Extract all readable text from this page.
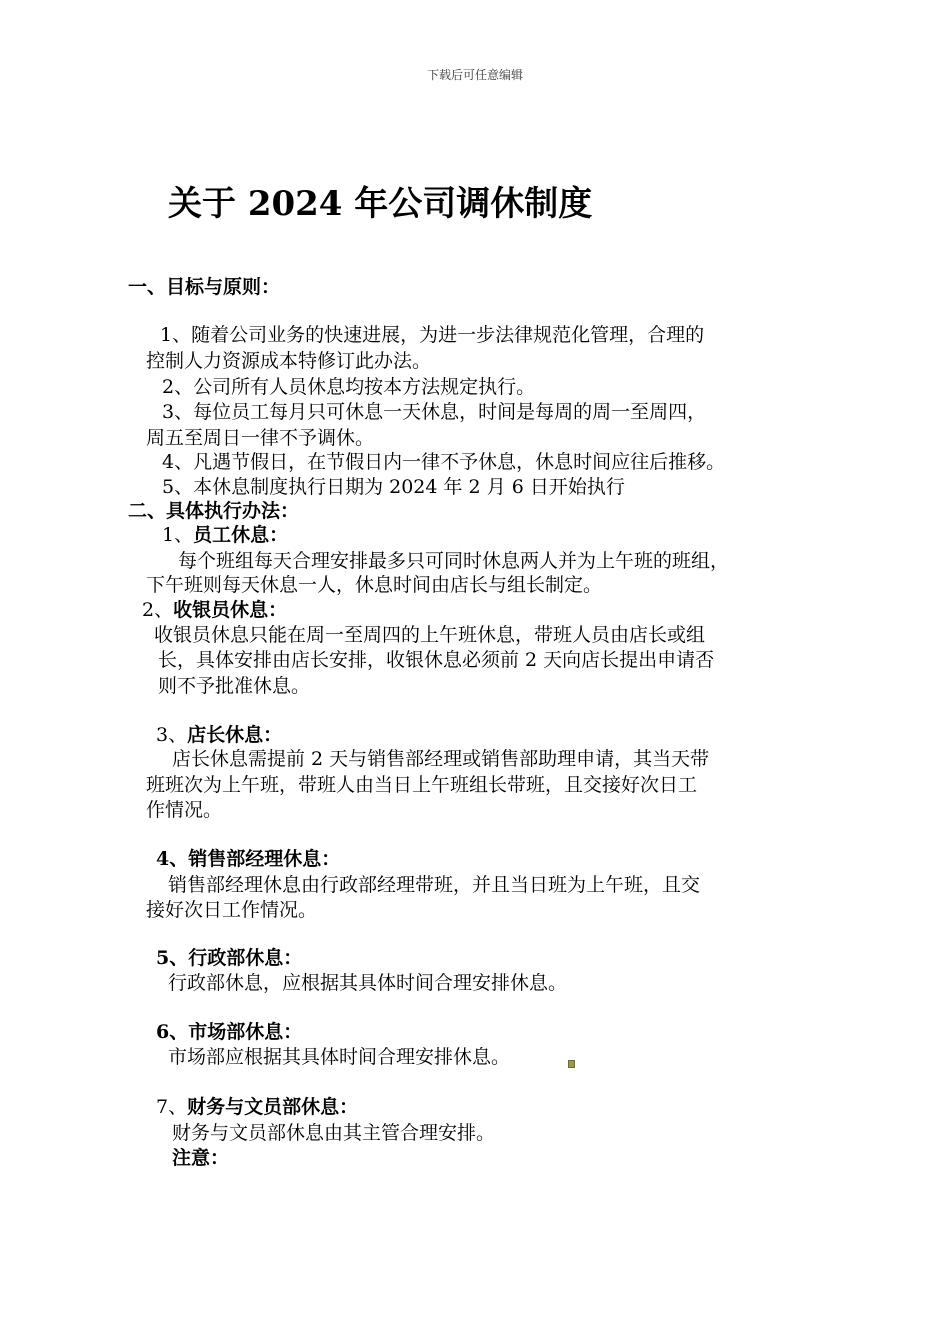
下载后可任意编辑
关于 2024 年公司调休制度
一、目标与原则：
1、随着公司业务的快速进展，为进一步法律规范化管理，合理的
控制人力资源成本特修订此办法。
2、公司所有人员休息均按本方法规定执行。
3、每位员工每月只可休息一天休息，时间是每周的周一至周四，
周五至周日一律不予调休。
4、凡遇节假日，在节假日内一律不予休息，休息时间应往后推移。
5、本休息制度执行日期为 2024 年 2 月 6 日开始执行
二、具体执行办法：
1、员工休息：
每个班组每天合理安排最多只可同时休息两人并为上午班的班组，
下午班则每天休息一人，休息时间由店长与组长制定。
2、收银员休息：
收银员休息只能在周一至周四的上午班休息，带班人员由店长或组
长，具体安排由店长安排，收银休息必须前 2 天向店长提出申请否
则不予批准休息。
3、店长休息：
店长休息需提前 2 天与销售部经理或销售部助理申请，其当天带
班班次为上午班，带班人由当日上午班组长带班，且交接好次日工
作情况。
4、销售部经理休息：
销售部经理休息由行政部经理带班，并且当日班为上午班，且交
接好次日工作情况。
5、行政部休息：
行政部休息，应根据其具体时间合理安排休息。
6、市场部休息：
市场部应根据其具体时间合理安排休息。
7、财务与文员部休息：
财务与文员部休息由其主管合理安排。
注意：
